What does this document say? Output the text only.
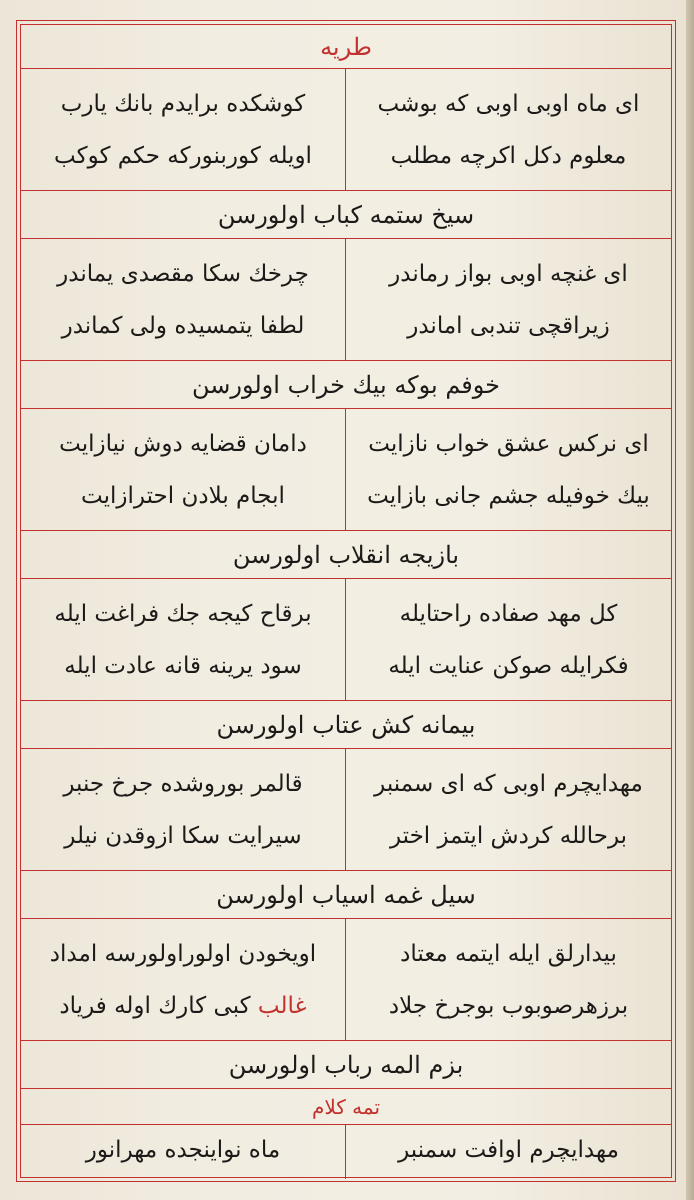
طريه
اى ماه اوبى اوبى كه بوشب
معلوم دكل اكرچه مطلب
كوشكده برايدم بانك يارب
اويله كوربنوركه حكم كوكب
سيخ ستمه كباب اولورسن
اى غنچه اوبى بواز رماندر
زيراقچى تندبى اماندر
چرخك سكا مقصدى يماندر
لطفا يتمسيده ولى كماندر
خوفم بوكه بيك خراب اولورسن
اى نركس عشق خواب نازايت
بيك خوفيله جشم جانى بازايت
دامان قضايه دوش نيازايت
ابجام بلادن احترازايت
بازيجه انقلاب اولورسن
كل مهد صفاده راحتايله
فكرايله صوكن عنايت ايله
برقاح كيجه جك فراغت ايله
سود يرينه قانه عادت ايله
بيمانه كش عتاب اولورسن
مهدايچرم اوبى كه اى سمنبر
برحالله كردش ايتمز اختر
قالمر بوروشده جرخ جنبر
سيرايت سكا ازوقدن نيلر
سيل غمه اسياب اولورسن
بيدارلق ايله ايتمه معتاد
برزهرصوبوب بوجرخ جلاد
اويخودن اولوراولورسه امداد
غالب كبى كارك اوله فرياد
بزم المه رباب اولورسن
تمه كلام
مهدايچرم اوافت سمنبر
ماه نواينجده مهرانور
